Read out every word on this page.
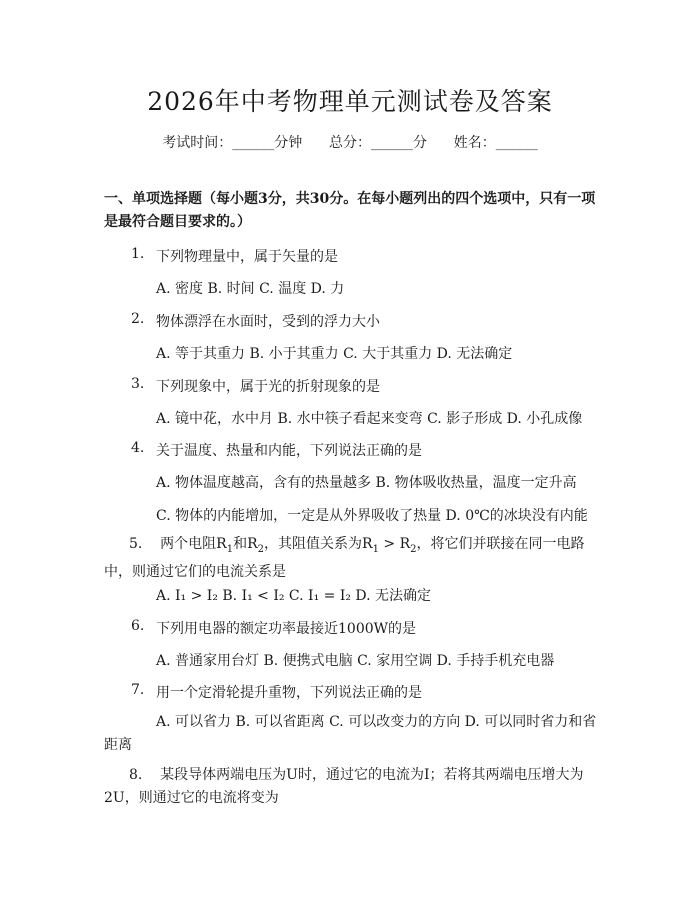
2026年中考物理单元测试卷及答案
考试时间：______分钟      总分：______分      姓名：______
一、单项选择题（每小题3分，共30分。在每小题列出的四个选项中，只有一项是最符合题目要求的。）
1. 下列物理量中，属于矢量的是
A. 密度 B. 时间 C. 温度 D. 力
2. 物体漂浮在水面时，受到的浮力大小
A. 等于其重力 B. 小于其重力 C. 大于其重力 D. 无法确定
3. 下列现象中，属于光的折射现象的是
A. 镜中花，水中月 B. 水中筷子看起来变弯 C. 影子形成 D. 小孔成像
4. 关于温度、热量和内能，下列说法正确的是
A. 物体温度越高，含有的热量越多 B. 物体吸收热量，温度一定升高
C. 物体的内能增加，一定是从外界吸收了热量 D. 0℃的冰块没有内能
5. 两个电阻$R_1$和$R_2$，其阻值关系为$R_1 > R_2$，将它们并联接在同一电路中，则通过它们的电流关系是
A. I₁ > I₂ B. I₁ < I₂ C. I₁ = I₂ D. 无法确定
6. 下列用电器的额定功率最接近1000W的是
A. 普通家用台灯 B. 便携式电脑 C. 家用空调 D. 手持手机充电器
7. 用一个定滑轮提升重物，下列说法正确的是
A. 可以省力 B. 可以省距离 C. 可以改变力的方向 D. 可以同时省力和省距离
8. 某段导体两端电压为U时，通过它的电流为I；若将其两端电压增大为2U，则通过它的电流将变为
